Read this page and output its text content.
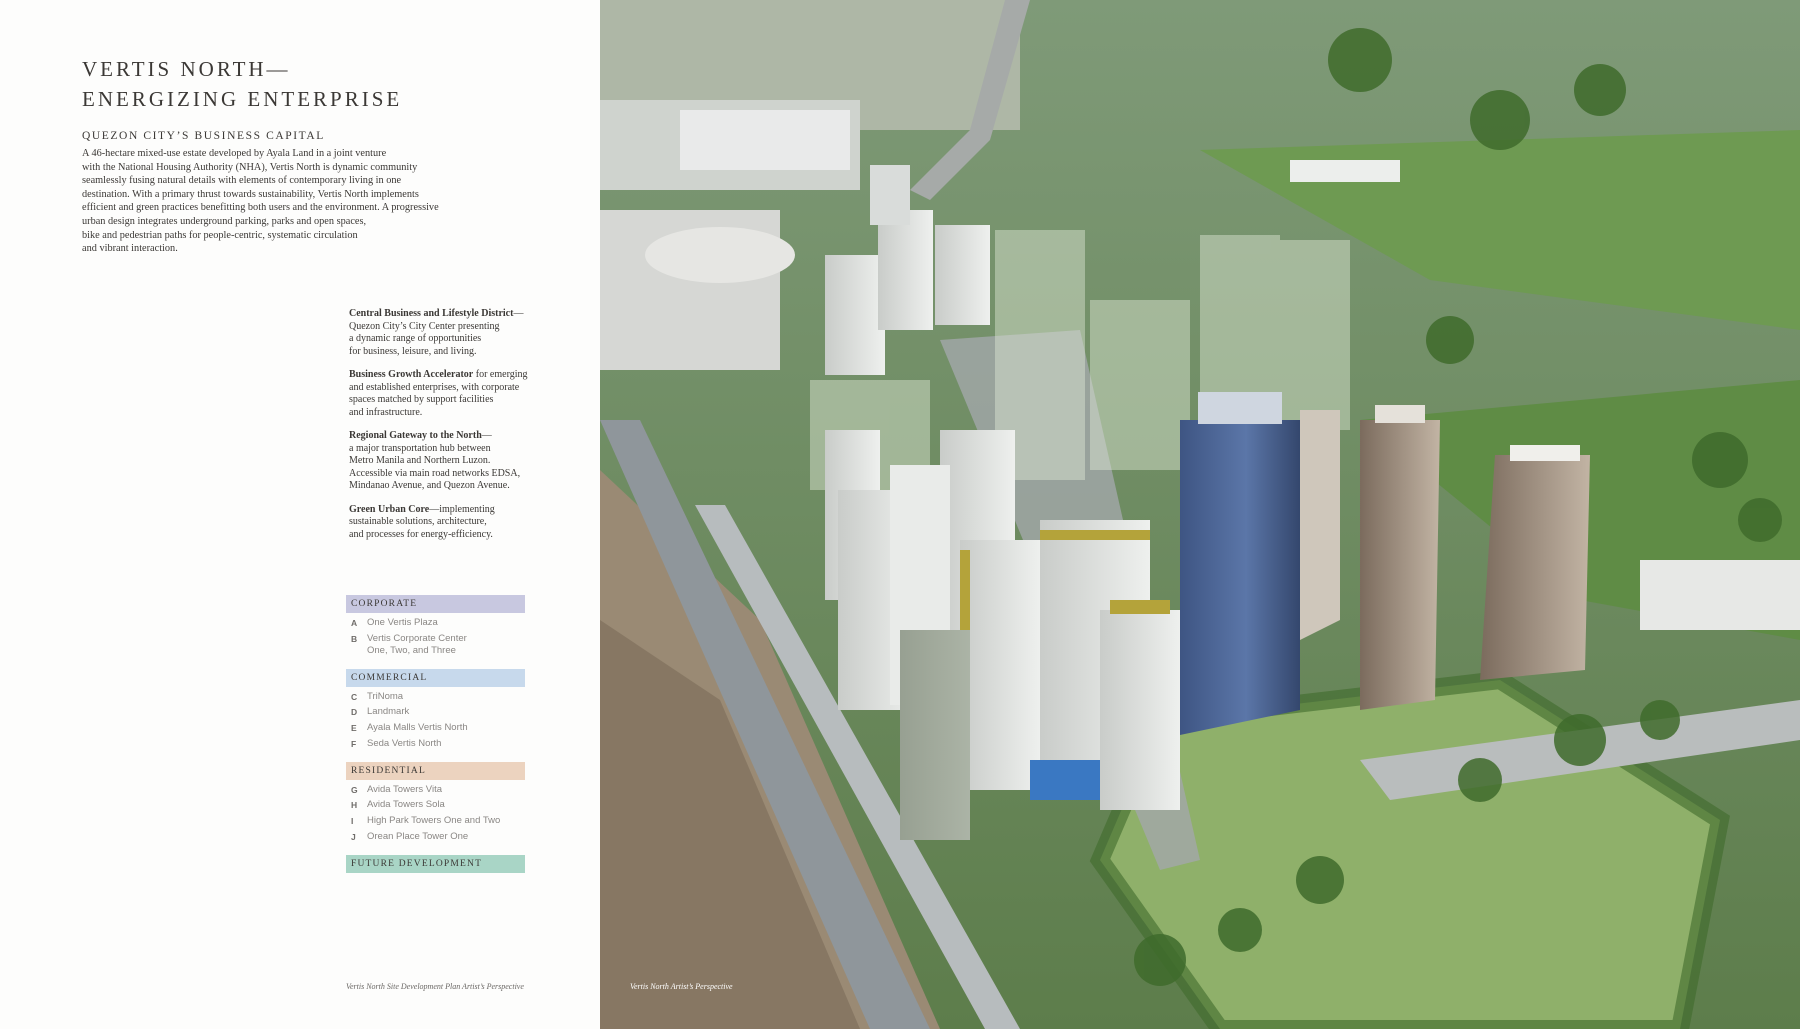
VERTIS NORTH—
ENERGIZING ENTERPRISE
QUEZON CITY’S BUSINESS CAPITAL

A 46-hectare mixed-use estate developed by Ayala Land in a joint venture
with the National Housing Authority (NHA), Vertis North is dynamic community
seamlessly fusing natural details with elements of contemporary living in one
destination. With a primary thrust towards sustainability, Vertis North implements
efficient and green practices benefitting both users and the environment. A progressive
urban design integrates underground parking, parks and open spaces,
bike and pedestrian paths for people-centric, systematic circulation
and vibrant interaction.

Central Business and Lifestyle District—
Quezon City’s City Center presenting
a dynamic range of opportunities
for business, leisure, and living.

Business Growth Accelerator for emerging
and established enterprises, with corporate
spaces matched by support facilities
and infrastructure.

Regional Gateway to the North—
a major transportation hub between
Metro Manila and Northern Luzon.
Accessible via main road networks EDSA,
Mindanao Avenue, and Quezon Avenue.

Green Urban Core—implementing
sustainable solutions, architecture,
and processes for energy-efficiency.

CORPORATE
A	One Vertis Plaza
B	Vertis Corporate Center
One, Two, and Three
COMMERCIAL
C	TriNoma
D	Landmark
E	Ayala Malls Vertis North
F	Seda Vertis North
RESIDENTIAL
G Avida Towers Vita
H	Avida Towers Sola
I	High Park Towers One and Two
J	Orean Place Tower One
FUTURE DEVELOPMENT
Vertis North Site Development Plan Artist’s Perspective	Vertis North Artist’s Perspective
